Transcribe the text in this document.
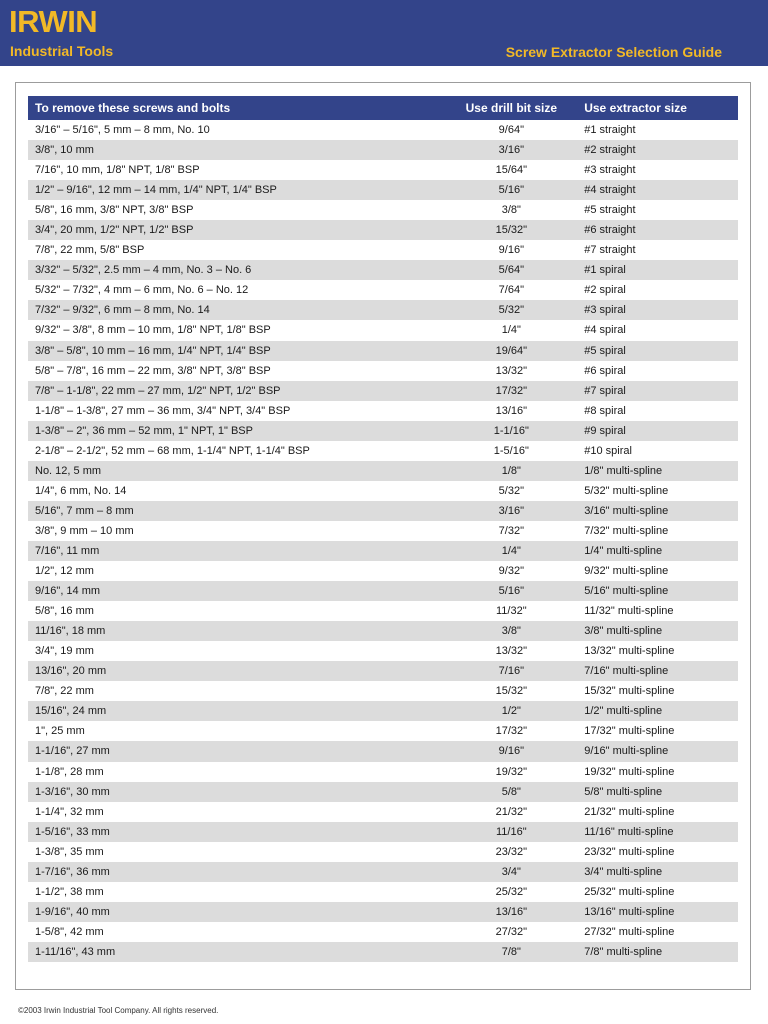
IRWIN
Industrial Tools	Screw Extractor Selection Guide
To remove these screws and bolts	Use drill bit size	Use extractor size
3/16" – 5/16", 5 mm – 8 mm, No. 10	9/64"	#1 straight
3/8", 10 mm	3/16"	#2 straight
7/16", 10 mm, 1/8" NPT, 1/8" BSP	15/64"	#3 straight
1/2" – 9/16", 12 mm – 14 mm, 1/4" NPT, 1/4" BSP	5/16"	#4 straight
5/8", 16 mm, 3/8" NPT, 3/8" BSP	3/8"	#5 straight
3/4", 20 mm, 1/2" NPT, 1/2" BSP	15/32"	#6 straight
7/8", 22 mm, 5/8" BSP	9/16"	#7 straight
3/32" – 5/32", 2.5 mm – 4 mm, No. 3 – No. 6	5/64"	#1 spiral
5/32" – 7/32", 4 mm – 6 mm, No. 6 – No. 12	7/64"	#2 spiral
7/32" – 9/32", 6 mm – 8 mm, No. 14	5/32"	#3 spiral
9/32" – 3/8", 8 mm – 10 mm, 1/8" NPT, 1/8" BSP	1/4"	#4 spiral
3/8" – 5/8", 10 mm – 16 mm, 1/4" NPT, 1/4" BSP	19/64"	#5 spiral
5/8" – 7/8", 16 mm – 22 mm, 3/8" NPT, 3/8" BSP	13/32"	#6 spiral
7/8" – 1-1/8", 22 mm – 27 mm, 1/2" NPT, 1/2" BSP	17/32"	#7 spiral
1-1/8" – 1-3/8", 27 mm – 36 mm, 3/4" NPT, 3/4" BSP	13/16"	#8 spiral
1-3/8" – 2", 36 mm – 52 mm, 1" NPT, 1" BSP	1-1/16"	#9 spiral
2-1/8" – 2-1/2", 52 mm – 68 mm, 1-1/4" NPT, 1-1/4" BSP	1-5/16"	#10 spiral
No. 12, 5 mm	1/8"	1/8" multi-spline
1/4", 6 mm, No. 14	5/32"	5/32" multi-spline
5/16", 7 mm – 8 mm	3/16"	3/16" multi-spline
3/8", 9 mm – 10 mm	7/32"	7/32" multi-spline
7/16", 11 mm	1/4"	1/4" multi-spline
1/2", 12 mm	9/32"	9/32" multi-spline
9/16", 14 mm	5/16"	5/16" multi-spline
5/8", 16 mm	11/32"	11/32" multi-spline
11/16", 18 mm	3/8"	3/8" multi-spline
3/4", 19 mm	13/32"	13/32" multi-spline
13/16", 20 mm	7/16"	7/16" multi-spline
7/8", 22 mm	15/32"	15/32" multi-spline
15/16", 24 mm	1/2"	1/2" multi-spline
1", 25 mm	17/32"	17/32" multi-spline
1-1/16", 27 mm	9/16"	9/16" multi-spline
1-1/8", 28 mm	19/32"	19/32" multi-spline
1-3/16", 30 mm	5/8"	5/8" multi-spline
1-1/4", 32 mm	21/32"	21/32" multi-spline
1-5/16", 33 mm	11/16"	11/16" multi-spline
1-3/8", 35 mm	23/32"	23/32" multi-spline
1-7/16", 36 mm	3/4"	3/4" multi-spline
1-1/2", 38 mm	25/32"	25/32" multi-spline
1-9/16", 40 mm	13/16"	13/16" multi-spline
1-5/8", 42 mm	27/32"	27/32" multi-spline
1-11/16", 43 mm	7/8"	7/8" multi-spline
©2003 Irwin Industrial Tool Company. All rights reserved.
